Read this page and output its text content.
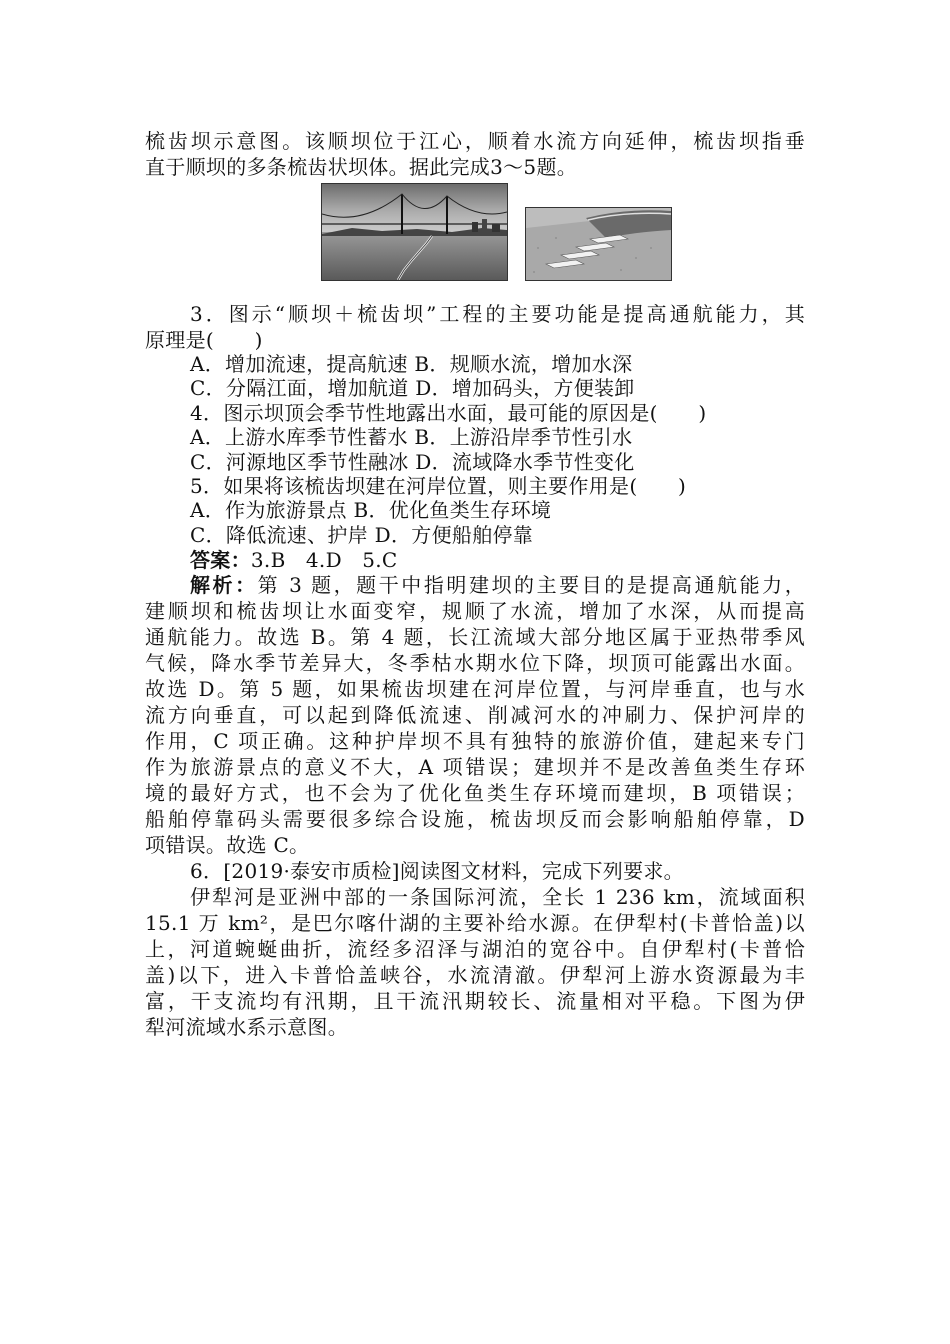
梳齿坝示意图。该顺坝位于江心，顺着水流方向延伸，梳齿坝指垂
直于顺坝的多条梳齿状坝体。据此完成3～5题。
3．图示“顺坝＋梳齿坝”工程的主要功能是提高通航能力，其
原理是(　　)
A．增加流速，提高航速 B．规顺水流，增加水深
C．分隔江面，增加航道 D．增加码头，方便装卸
4．图示坝顶会季节性地露出水面，最可能的原因是(　　)
A．上游水库季节性蓄水 B．上游沿岸季节性引水
C．河源地区季节性融冰 D．流域降水季节性变化
5．如果将该梳齿坝建在河岸位置，则主要作用是(　　)
A．作为旅游景点 B．优化鱼类生存环境
C．降低流速、护岸 D．方便船舶停靠
答案：3.B　4.D　5.C
解析：第 3 题，题干中指明建坝的主要目的是提高通航能力，
建顺坝和梳齿坝让水面变窄，规顺了水流，增加了水深，从而提高
通航能力。故选 B。第 4 题，长江流域大部分地区属于亚热带季风
气候，降水季节差异大，冬季枯水期水位下降，坝顶可能露出水面。
故选 D。第 5 题，如果梳齿坝建在河岸位置，与河岸垂直，也与水
流方向垂直，可以起到降低流速、削减河水的冲刷力、保护河岸的
作用，C 项正确。这种护岸坝不具有独特的旅游价值，建起来专门
作为旅游景点的意义不大，A 项错误；建坝并不是改善鱼类生存环
境的最好方式，也不会为了优化鱼类生存环境而建坝，B 项错误；
船舶停靠码头需要很多综合设施，梳齿坝反而会影响船舶停靠，D
项错误。故选 C。
6．[2019·泰安市质检]阅读图文材料，完成下列要求。
伊犁河是亚洲中部的一条国际河流，全长 1 236 km，流域面积
15.1 万 km²，是巴尔喀什湖的主要补给水源。在伊犁村(卡普恰盖)以
上，河道蜿蜒曲折，流经多沼泽与湖泊的宽谷中。自伊犁村(卡普恰
盖)以下，进入卡普恰盖峡谷，水流清澈。伊犁河上游水资源最为丰
富，干支流均有汛期，且干流汛期较长、流量相对平稳。下图为伊
犁河流域水系示意图。
